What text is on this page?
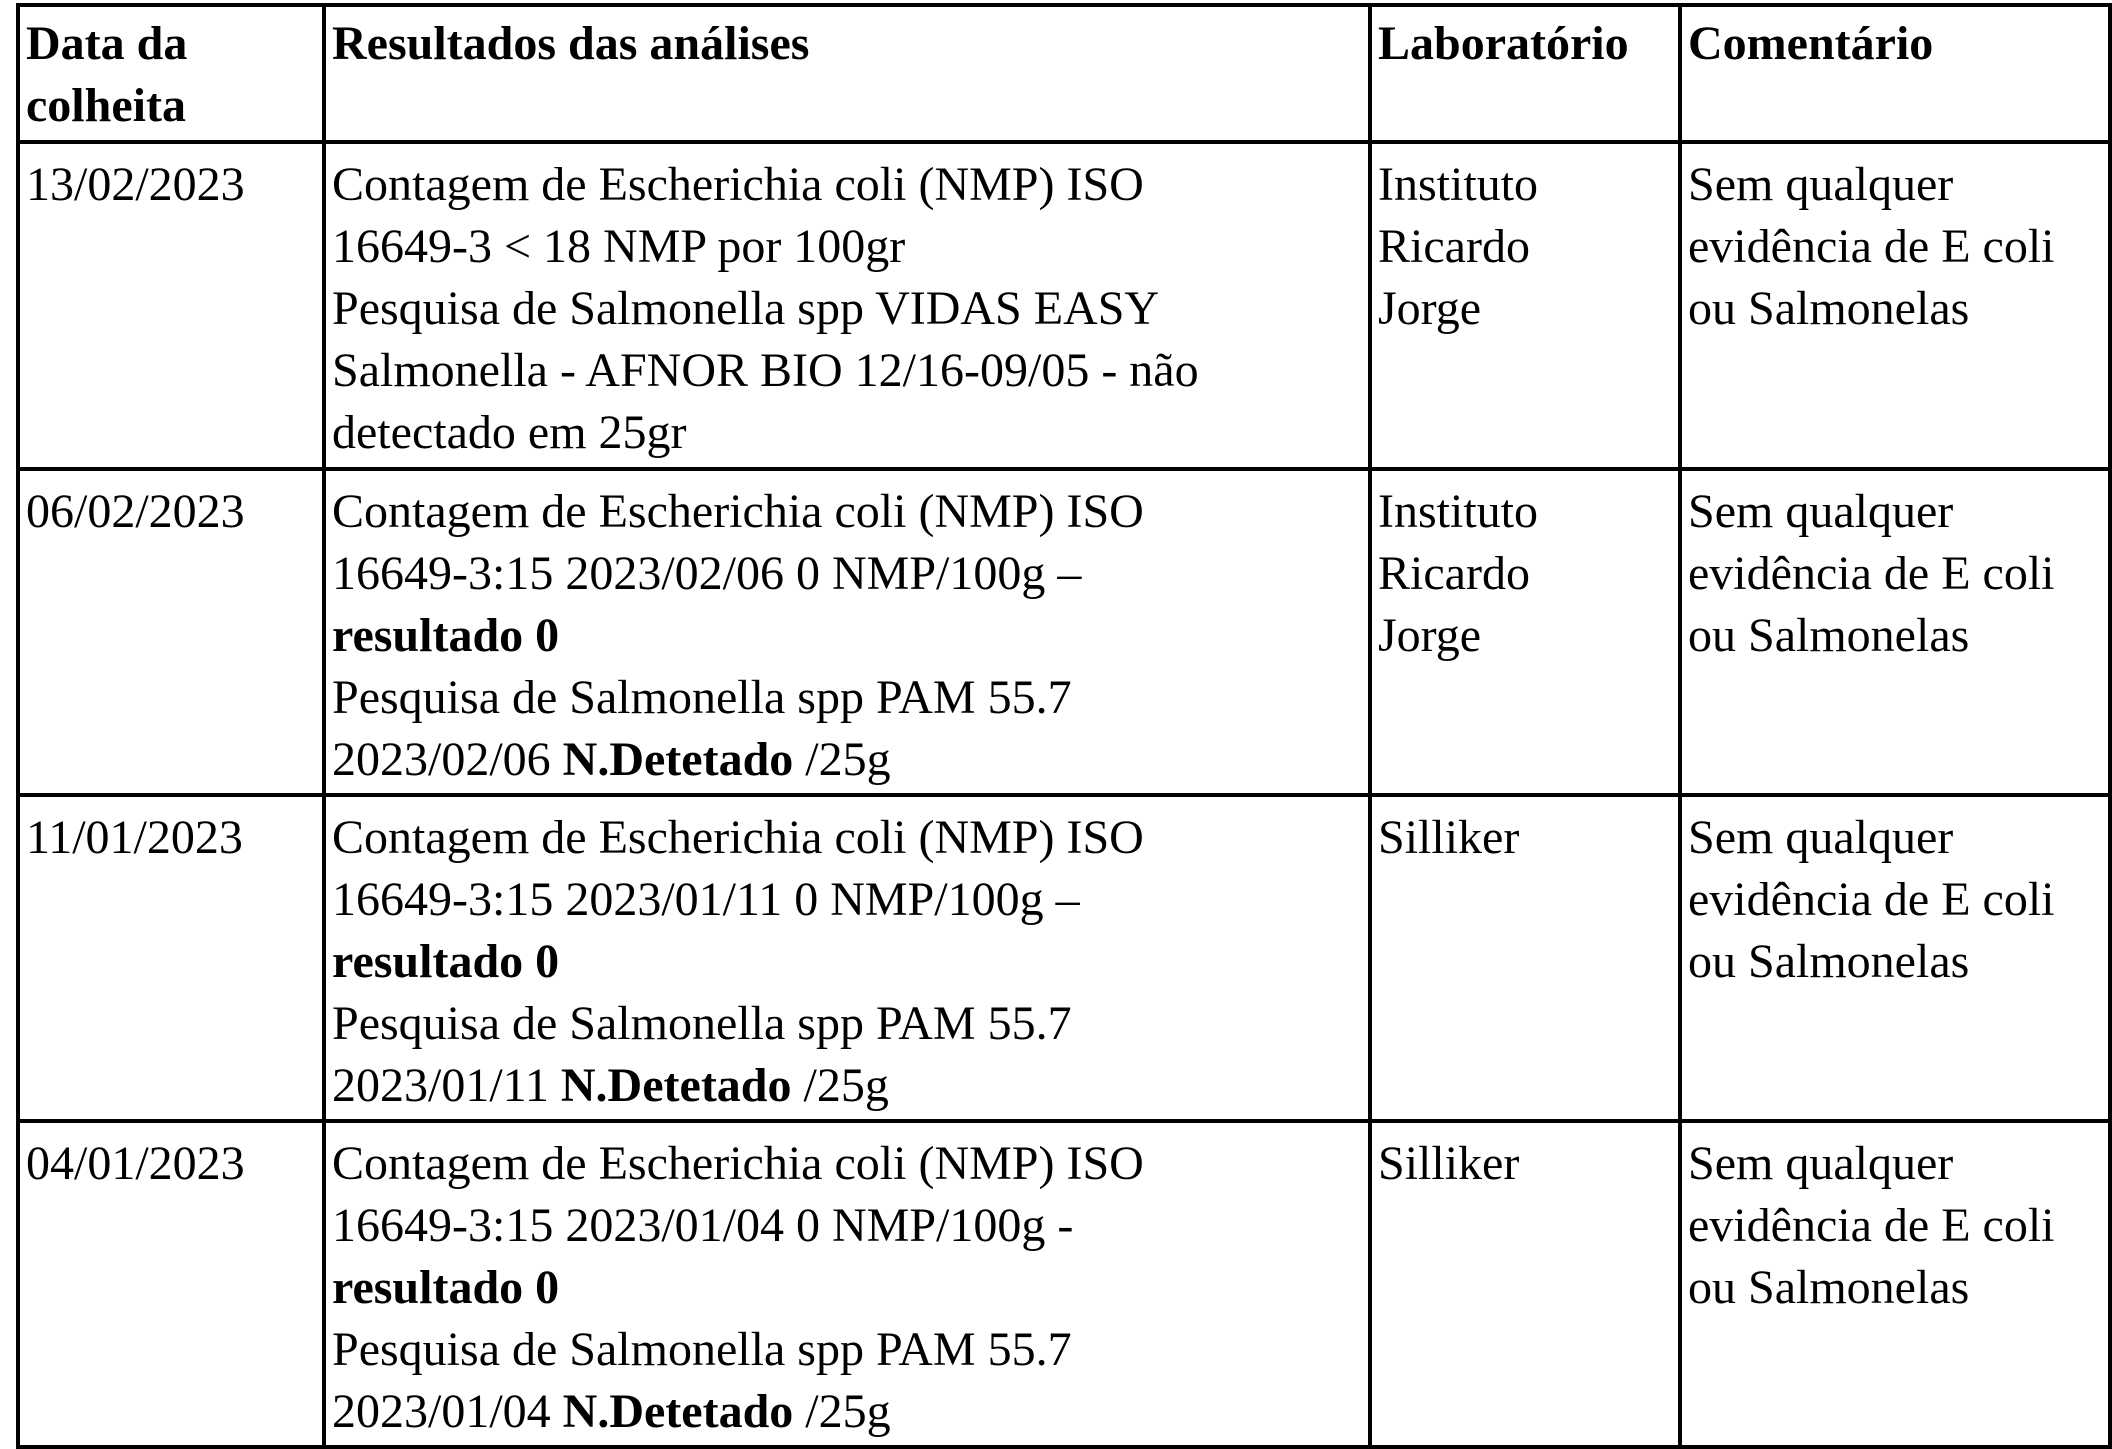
Data da
colheita	Resultados das análises	Laboratório	Comentário

13/02/2023	Contagem de Escherichia coli (NMP) ISO
16649-3 < 18 NMP por 100gr
Pesquisa de Salmonella spp VIDAS EASY
Salmonella - AFNOR BIO 12/16-09/05 - não
detectado em 25gr	Instituto
Ricardo
Jorge	Sem qualquer
evidência de E coli
ou Salmonelas

06/02/2023	Contagem de Escherichia coli (NMP) ISO
16649-3:15 2023/02/06 0 NMP/100g –
resultado 0
Pesquisa de Salmonella spp PAM 55.7
2023/02/06 N.Detetado /25g	Instituto
Ricardo
Jorge	Sem qualquer
evidência de E coli
ou Salmonelas

11/01/2023	Contagem de Escherichia coli (NMP) ISO
16649-3:15 2023/01/11 0 NMP/100g –
resultado 0
Pesquisa de Salmonella spp PAM 55.7
2023/01/11 N.Detetado /25g	Silliker	Sem qualquer
evidência de E coli
ou Salmonelas

04/01/2023	Contagem de Escherichia coli (NMP) ISO
16649-3:15 2023/01/04 0 NMP/100g -
resultado 0
Pesquisa de Salmonella spp PAM 55.7
2023/01/04 N.Detetado /25g	Silliker	Sem qualquer
evidência de E coli
ou Salmonelas
